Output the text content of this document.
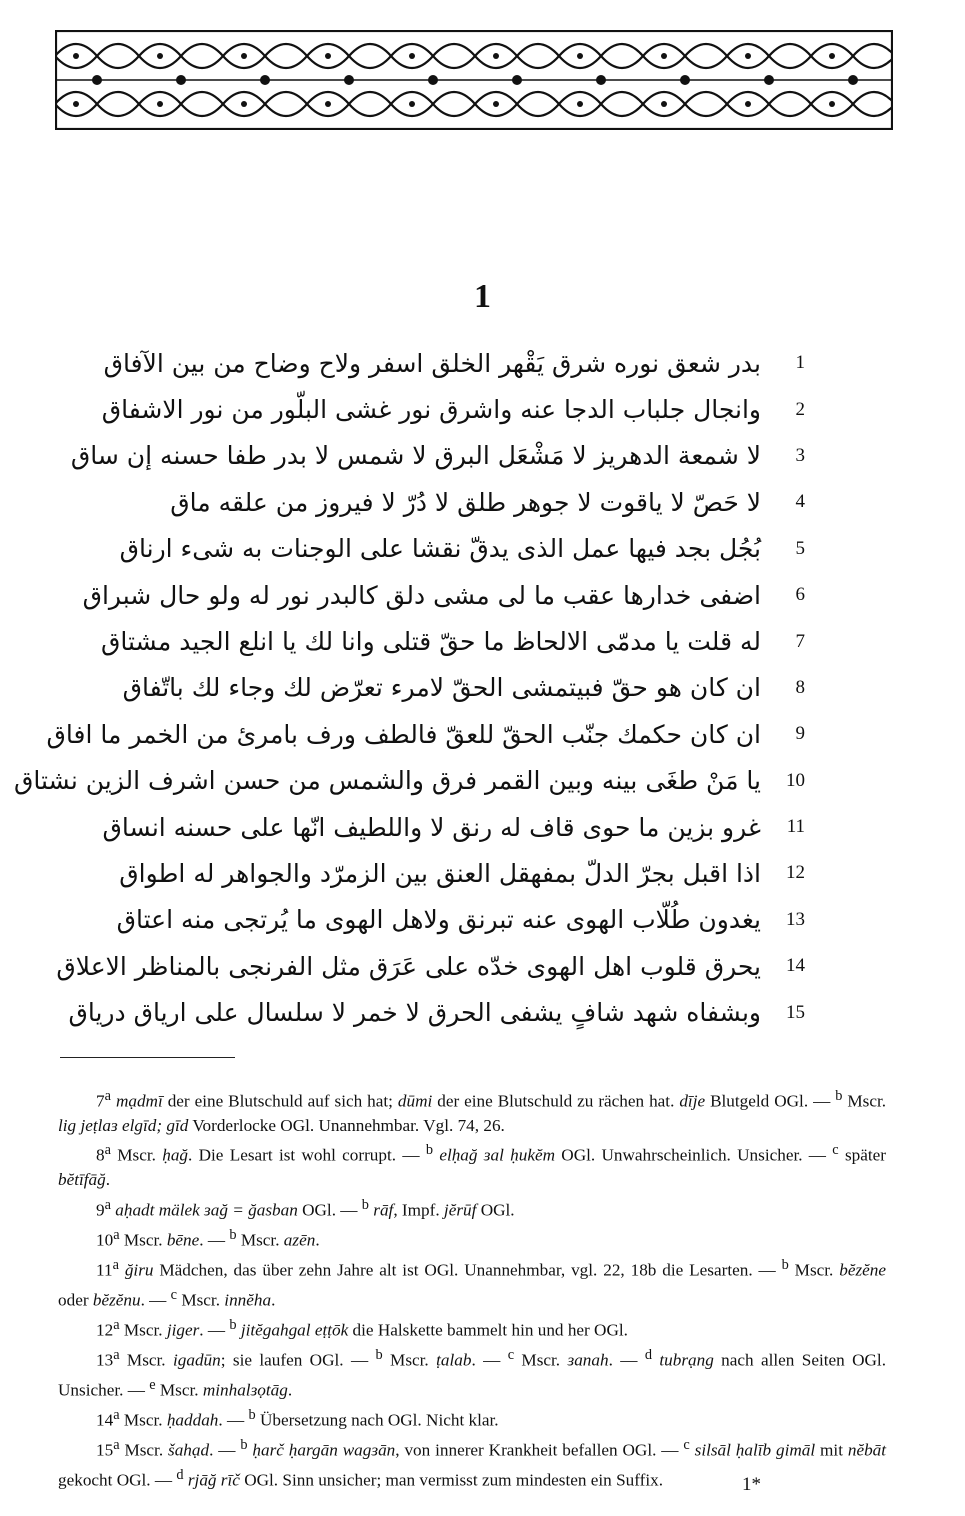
1
بدر شعق نوره شرق يَقْهر الخلق اسفر ولاح وضاح من بين الآفاق	1
وانجال جلباب الدجا عنه واشرق نور غشى البلّور من نور الاشفاق	2
لا شمعة الدهريز لا مَشْعَل البرق لا شمس لا بدر طفا حسنه إن ساق	3
لا حَصّ لا ياقوت لا جوهر طلق لا دُرّ لا فيروز من علقه ماق	4
بُجُل بجد فيها عمل الذى يدقّ نقشا على الوجنات به شىء ارناق	5
اضفى خدارها عقب ما لى مشى دلق كالبدر نور له ولو حال شبراق	6
له قلت يا مدمّى الالحاظ ما حقّ قتلى وانا لك يا انلع الجيد مشتاق	7
ان كان هو حقّ فبيتمشى الحقّ لامرء تعرّض لك وجاء لك باتّفاق	8
ان كان حكمك جنّب الحقّ للعقّ فالطف ورف بامرئ من الخمر ما افاق	9
يا مَنْ طغَى بينه وبين القمر فرق والشمس من حسن اشرف الزين نشتاق	10
غرو بزين ما حوى قاف له رنق لا واللطيف انّها على حسنه انساق	11
اذا اقبل بجرّ الدلّ بمفهقل العنق بين الزمرّد والجواهر له اطواق	12
يغدون طُلّاب الهوى عنه تبرنق ولاهل الهوى ما يُرتجى منه اعتاق	13
يحرق قلوب اهل الهوى خدّه على عَرَق مثل الفرنجى بالمناظر الاعلاق	14
وبشفاه شهد شافٍ يشفى الحرق لا خمر لا سلسال على ارياق درياق	15

7$^a$ mạdmī der eine Blutschuld auf sich hat; dūmi der eine Blutschuld zu rächen hat. dīje Blutgeld OGl. — $^b$ Mscr. lig jeṭlaɜ elgīd; gīd Vorderlocke OGl. Unannehmbar. Vgl. 74, 26.

8$^a$ Mscr. ḥağ. Die Lesart ist wohl corrupt. — $^b$ elḥağ ɜal ḥukĕm OGl. Unwahrscheinlich. Unsicher. — $^c$ später bĕtīfāğ.

9$^a$ aḥadt mälek ɜağ = ğasban OGl. — $^b$ rāf, Impf. jĕrūf OGl.

10$^a$ Mscr. bēne. — $^b$ Mscr. azēn.

11$^a$ ğiru Mädchen, das über zehn Jahre alt ist OGl. Unannehmbar, vgl. 22, 18b die Lesarten. — $^b$ Mscr. bĕzĕne oder bĕzĕnu. — $^c$ Mscr. innĕha.

12$^a$ Mscr. jiger. — $^b$ jitĕgahgal eṭṭōk die Halskette bammelt hin und her OGl.

13$^a$ Mscr. igadūn; sie laufen OGl. — $^b$ Mscr. ṭalab. — $^c$ Mscr. ɜanah. — $^d$ tubrạng nach allen Seiten OGl. Unsicher. — $^e$ Mscr. minhalɜọtāg.

14$^a$ Mscr. ḥaddah. — $^b$ Übersetzung nach OGl. Nicht klar.

15$^a$ Mscr. šahạd. — $^b$ ḥarč ḥargān wagɜān, von innerer Krankheit befallen OGl. — $^c$ silsāl ḥalīb gimāl mit nĕbāt gekocht OGl. — $^d$ rjāğ rīč OGl. Sinn unsicher; man vermisst zum mindesten ein Suffix.	1*
